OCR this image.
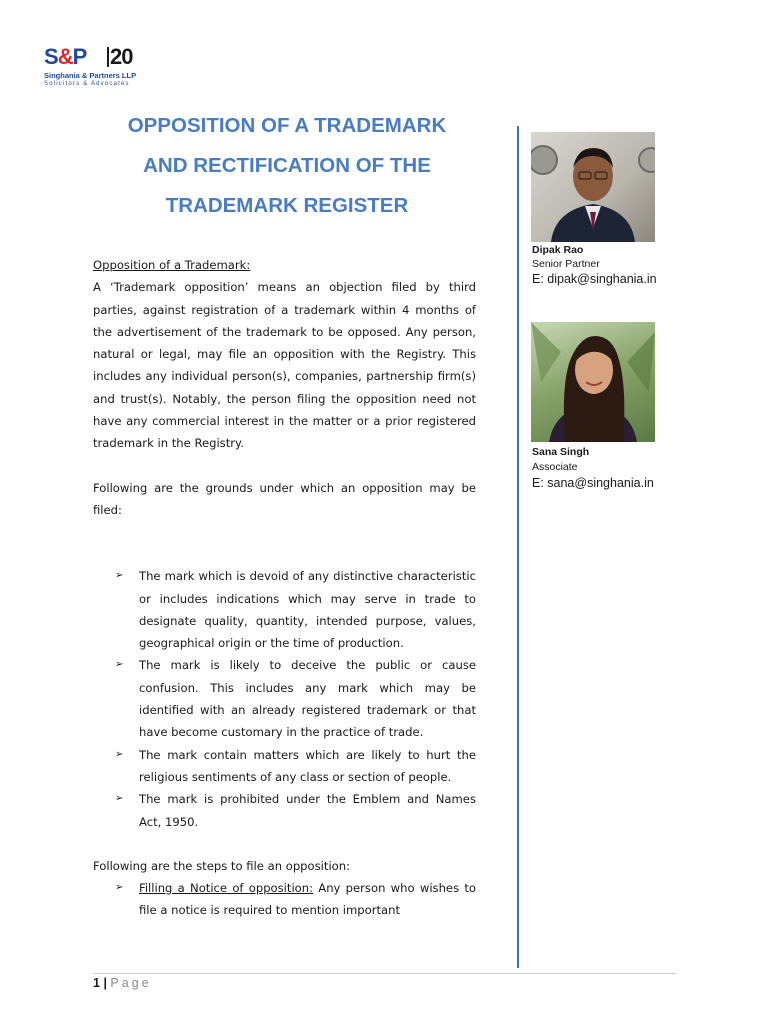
S&P 20
Singhania & Partners LLP
Solicitors & Advocates
OPPOSITION OF A TRADEMARK
AND RECTIFICATION OF THE
TRADEMARK REGISTER

Opposition of a Trademark:

A ‘Trademark opposition’ means an objection filed by third parties, against registration of a trademark within 4 months of the advertisement of the trademark to be opposed. Any person, natural or legal, may file an opposition with the Registry. This includes any individual person(s), companies, partnership firm(s) and trust(s). Notably, the person filing the opposition need not have any commercial interest in the matter or a prior registered trademark in the Registry.

Following are the grounds under which an opposition may be filed:

➢ The mark which is devoid of any distinctive characteristic or includes indications which may serve in trade to designate quality, quantity, intended purpose, values, geographical origin or the time of production.
➢ The mark is likely to deceive the public or cause confusion. This includes any mark which may be identified with an already registered trademark or that have become customary in the practice of trade.
➢ The mark contain matters which are likely to hurt the religious sentiments of any class or section of people.
➢ The mark is prohibited under the Emblem and Names Act, 1950.

Following are the steps to file an opposition:

➢ Filling a Notice of opposition: Any person who wishes to file a notice is required to mention important
Dipak Rao
Senior Partner
E: dipak@singhania.in
Sana Singh
Associate
E: sana@singhania.in
1 | Page
